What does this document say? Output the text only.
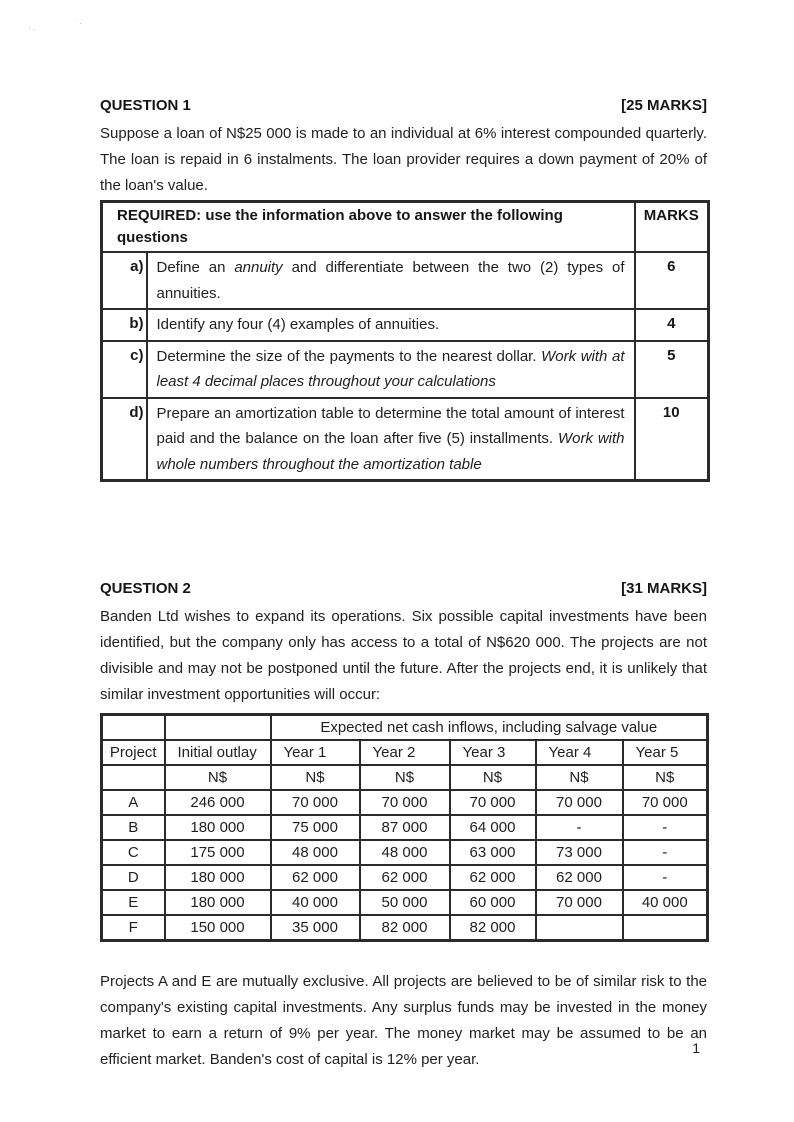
·.	˙·
QUESTION 1	[25 MARKS]

Suppose a loan of N$25 000 is made to an individual at 6% interest compounded quarterly. The loan is repaid in 6 instalments. The loan provider requires a down payment of 20% of the loan's value.

REQUIRED: use the information above to answer the following questions		MARKS
a)	Define an annuity and differentiate between the two (2) types of annuities.	6
b)	Identify any four (4) examples of annuities.	4
c)	Determine the size of the payments to the nearest dollar. Work with at least 4 decimal places throughout your calculations	5
d)	Prepare an amortization table to determine the total amount of interest paid and the balance on the loan after five (5) installments. Work with whole numbers throughout the amortization table	10
QUESTION 2	[31 MARKS]

Banden Ltd wishes to expand its operations. Six possible capital investments have been identified, but the company only has access to a total of N$620 000. The projects are not divisible and may not be postponed until the future. After the projects end, it is unlikely that similar investment opportunities will occur:

		Expected net cash inflows, including salvage value				
Project	Initial outlay	Year 1	Year 2	Year 3	Year 4	Year 5
	N$	N$	N$	N$	N$	N$
A	246 000	70 000	70 000	70 000	70 000	70 000
B	180 000	75 000	87 000	64 000	-	-
C	175 000	48 000	48 000	63 000	73 000	-
D	180 000	62 000	62 000	62 000	62 000	-
E	180 000	40 000	50 000	60 000	70 000	40 000
F	150 000	35 000	82 000	82 000		

Projects A and E are mutually exclusive. All projects are believed to be of similar risk to the company's existing capital investments. Any surplus funds may be invested in the money market to earn a return of 9% per year. The money market may be assumed to be an efficient market. Banden's cost of capital is 12% per year.

1
